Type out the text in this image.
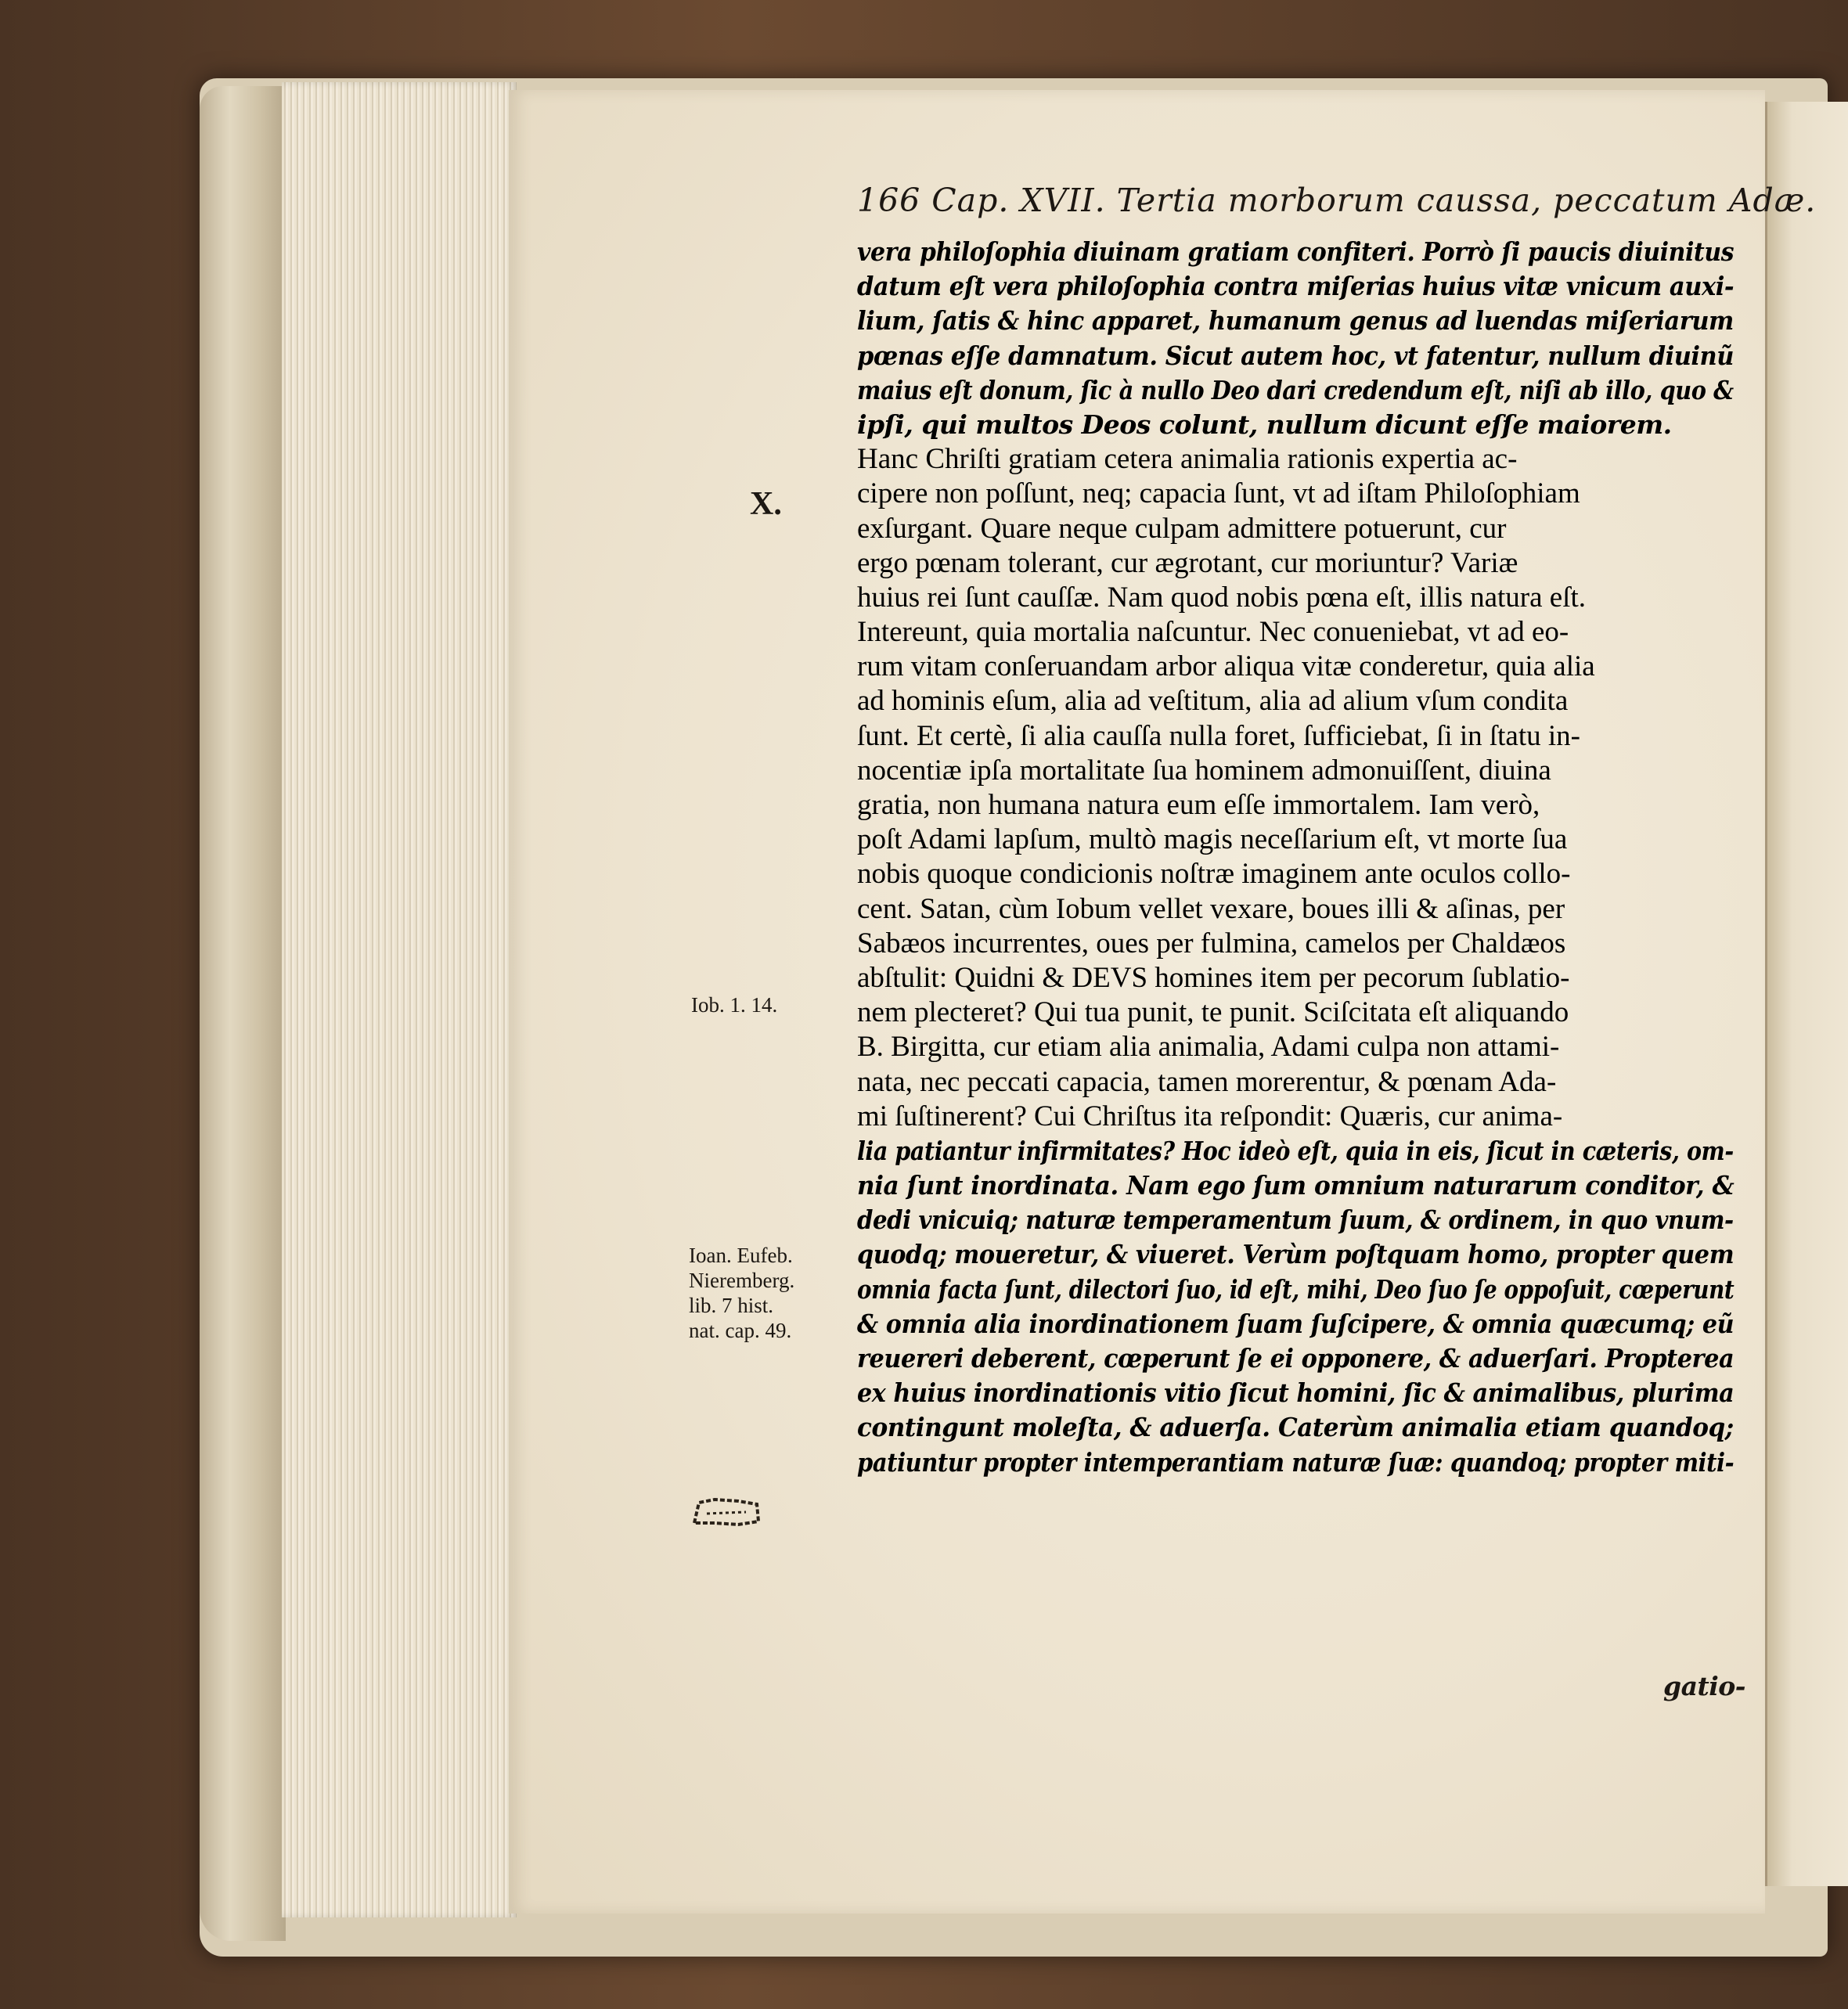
166 Cap. XVII. Tertia morborum caussa, peccatum Adæ.
vera philoſophia diuinam gratiam confiteri. Porrò ſi paucis diuinitus
datum eſt vera philoſophia contra miſerias huius vitæ vnicum auxi-
lium, ſatis & hinc apparet, humanum genus ad luendas miſeriarum
pœnas eſſe damnatum. Sicut autem hoc, vt fatentur, nullum diuinũ
maius eſt donum, ſic à nullo Deo dari credendum eſt, niſi ab illo, quo &
ipſi, qui multos Deos colunt, nullum dicunt eſſe maiorem.
Hanc Chriſti gratiam cetera animalia rationis expertia ac-
cipere non poſſunt, neq; capacia ſunt, vt ad iſtam Philoſophiam
exſurgant. Quare neque culpam admittere potuerunt, cur
ergo pœnam tolerant, cur ægrotant, cur moriuntur? Variæ
huius rei ſunt cauſſæ. Nam quod nobis pœna eſt, illis natura eſt.
Intereunt, quia mortalia naſcuntur. Nec conueniebat, vt ad eo-
rum vitam conſeruandam arbor aliqua vitæ conderetur, quia alia
ad hominis eſum, alia ad veſtitum, alia ad alium vſum condita
ſunt. Et certè, ſi alia cauſſa nulla foret, ſufficiebat, ſi in ſtatu in-
nocentiæ ipſa mortalitate ſua hominem admonuiſſent, diuina
gratia, non humana natura eum eſſe immortalem. Iam verò,
poſt Adami lapſum, multò magis neceſſarium eſt, vt morte ſua
nobis quoque condicionis noſtræ imaginem ante oculos collo-
cent. Satan, cùm Iobum vellet vexare, boues illi & aſinas, per
Sabæos incurrentes, oues per fulmina, camelos per Chaldæos
abſtulit: Quidni & DEVS homines item per pecorum ſublatio-
nem plecteret? Qui tua punit, te punit. Sciſcitata eſt aliquando
B. Birgitta, cur etiam alia animalia, Adami culpa non attami-
nata, nec peccati capacia, tamen morerentur, & pœnam Ada-
mi ſuſtinerent? Cui Chriſtus ita reſpondit: Quæris, cur anima-
lia patiantur infirmitates? Hoc ideò eſt, quia in eis, ſicut in cæteris, om-
nia ſunt inordinata. Nam ego ſum omnium naturarum conditor, &
dedi vnicuiq; naturæ temperamentum ſuum, & ordinem, in quo vnum-
quodq; moueretur, & viueret. Verùm poſtquam homo, propter quem
omnia facta ſunt, dilectori ſuo, id eſt, mihi, Deo ſuo ſe oppoſuit, cœperunt
& omnia alia inordinationem ſuam ſuſcipere, & omnia quæcumq; eũ
reuereri deberent, cœperunt ſe ei opponere, & aduerſari. Propterea
ex huius inordinationis vitio ſicut homini, ſic & animalibus, plurima
contingunt moleſta, & aduerſa. Caterùm animalia etiam quandoq;
patiuntur propter intemperantiam naturæ ſuæ: quandoq; propter miti-
X.
Iob. 1. 14.
Ioan. Eufeb.
Nieremberg.
lib. 7 hist.
nat. cap. 49.
gatio-
